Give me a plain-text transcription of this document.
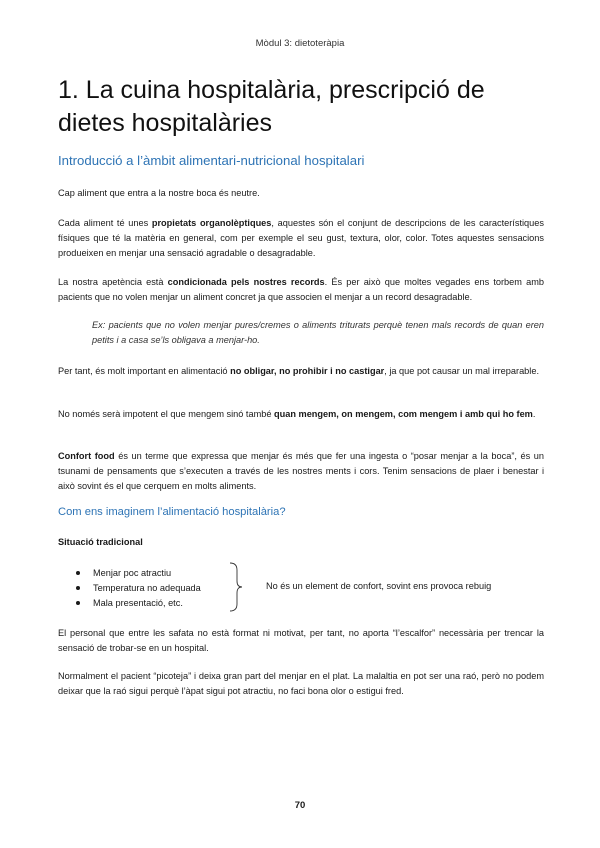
Mòdul 3: dietoteràpia
1. La cuina hospitalària, prescripció de dietes hospitalàries
Introducció a l’àmbit alimentari-nutricional hospitalari

Cap aliment que entra a la nostre boca és neutre.

Cada aliment té unes propietats organolèptiques, aquestes són el conjunt de descripcions de les característiques físiques que té la matèria en general, com per exemple el seu gust, textura, olor, color. Totes aquestes sensacions produeixen en menjar una sensació agradable o desagradable.

La nostra apetència està condicionada pels nostres records. És per això que moltes vegades ens torbem amb pacients que no volen menjar un aliment concret ja que associen el menjar a un record desagradable.

Ex: pacients que no volen menjar pures/cremes o aliments triturats perquè tenen mals records de quan eren petits i a casa se’ls obligava a menjar-ho.

Per tant, és molt important en alimentació no obligar, no prohibir i no castigar, ja que pot causar un mal irreparable.

No només serà impotent el que mengem sinó també quan mengem, on mengem, com mengem i amb qui ho fem.

Confort food és un terme que expressa que menjar és més que fer una ingesta o “posar menjar a la boca”, és un tsunami de pensaments que s’executen a través de les nostres ments i cors. Tenim sensacions de plaer i benestar i això sovint és el que cerquem en molts aliments.

Com ens imaginem l’alimentació hospitalària?

Situació tradicional

Menjar poc atractiu
Temperatura no adequada
Mala presentació, etc.
No és un element de confort, sovint ens provoca rebuig

El personal que entre les safata no està format ni motivat, per tant, no aporta “l’escalfor” necessària per trencar la sensació de trobar-se en un hospital.

Normalment el pacient “picoteja” i deixa gran part del menjar en el plat. La malaltia en pot ser una raó, però no podem deixar que la raó sigui perquè l’àpat sigui pot atractiu, no faci bona olor o estigui fred.

70
